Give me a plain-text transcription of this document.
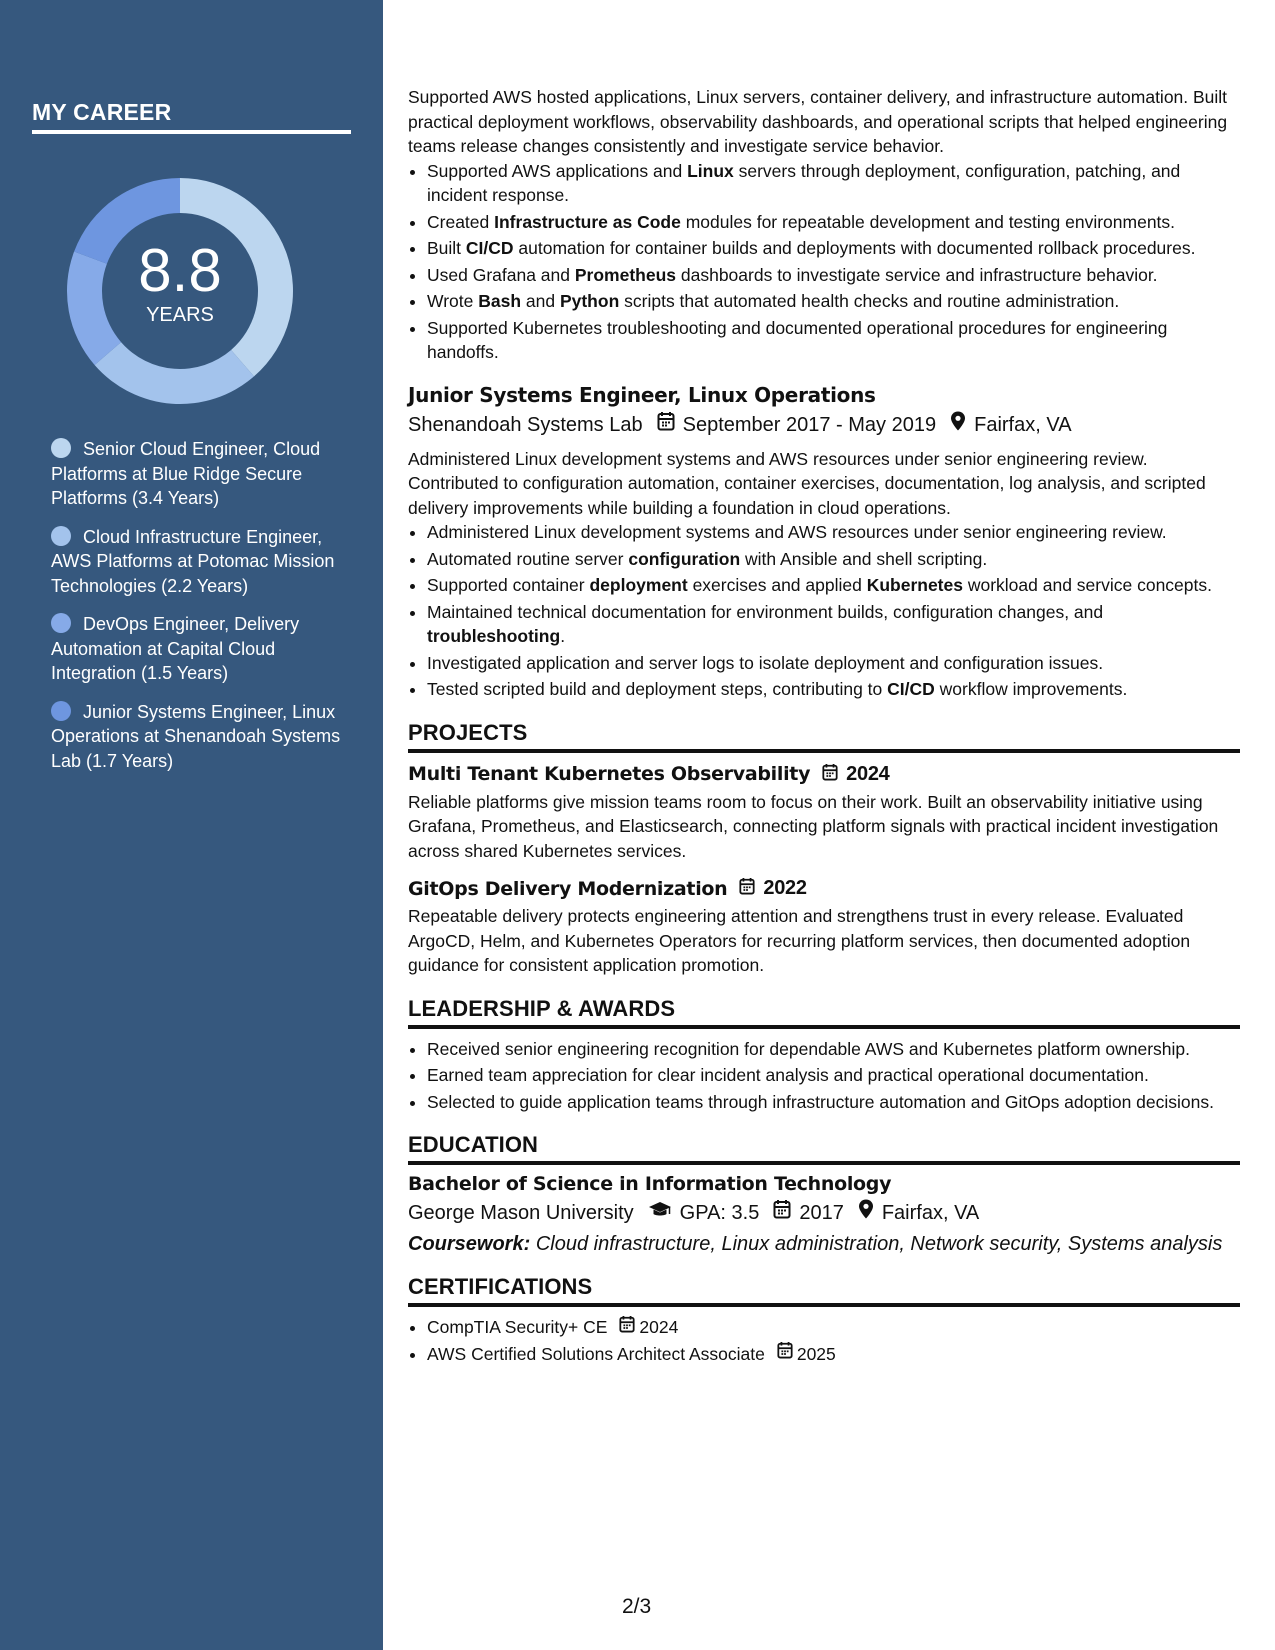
MY CAREER
8.8
YEARS
Senior Cloud Engineer, Cloud Platforms at Blue Ridge Secure Platforms (3.4 Years)
Cloud Infrastructure Engineer, AWS Platforms at Potomac Mission Technologies (2.2 Years)
DevOps Engineer, Delivery Automation at Capital Cloud Integration (1.5 Years)
Junior Systems Engineer, Linux Operations at Shenandoah Systems Lab (1.7 Years)

Supported AWS hosted applications, Linux servers, container delivery, and infrastructure automation. Built practical deployment workflows, observability dashboards, and operational scripts that helped engineering teams release changes consistently and investigate service behavior.

• Supported AWS applications and Linux servers through deployment, configuration, patching, and incident response.
• Created Infrastructure as Code modules for repeatable development and testing environments.
• Built CI/CD automation for container builds and deployments with documented rollback procedures.
• Used Grafana and Prometheus dashboards to investigate service and infrastructure behavior.
• Wrote Bash and Python scripts that automated health checks and routine administration.
• Supported Kubernetes troubleshooting and documented operational procedures for engineering handoffs.
Junior Systems Engineer, Linux Operations
Shenandoah Systems Lab September 2017 - May 2019 Fairfax, VA

Administered Linux development systems and AWS resources under senior engineering review. Contributed to configuration automation, container exercises, documentation, log analysis, and scripted delivery improvements while building a foundation in cloud operations.

• Administered Linux development systems and AWS resources under senior engineering review.
• Automated routine server configuration with Ansible and shell scripting.
• Supported container deployment exercises and applied Kubernetes workload and service concepts.
• Maintained technical documentation for environment builds, configuration changes, and troubleshooting.
• Investigated application and server logs to isolate deployment and configuration issues.
• Tested scripted build and deployment steps, contributing to CI/CD workflow improvements.
PROJECTS
Multi Tenant Kubernetes Observability 2024

Reliable platforms give mission teams room to focus on their work. Built an observability initiative using Grafana, Prometheus, and Elasticsearch, connecting platform signals with practical incident investigation across shared Kubernetes services.

GitOps Delivery Modernization 2022

Repeatable delivery protects engineering attention and strengthens trust in every release. Evaluated ArgoCD, Helm, and Kubernetes Operators for recurring platform services, then documented adoption guidance for consistent application promotion.

LEADERSHIP & AWARDS
• Received senior engineering recognition for dependable AWS and Kubernetes platform ownership.
• Earned team appreciation for clear incident analysis and practical operational documentation.
• Selected to guide application teams through infrastructure automation and GitOps adoption decisions.
EDUCATION
Bachelor of Science in Information Technology
George Mason University GPA: 3.5 2017 Fairfax, VA

Coursework: Cloud infrastructure, Linux administration, Network security, Systems analysis

CERTIFICATIONS
• CompTIA Security+ CE 2024
• AWS Certified Solutions Architect Associate 2025
2/3
